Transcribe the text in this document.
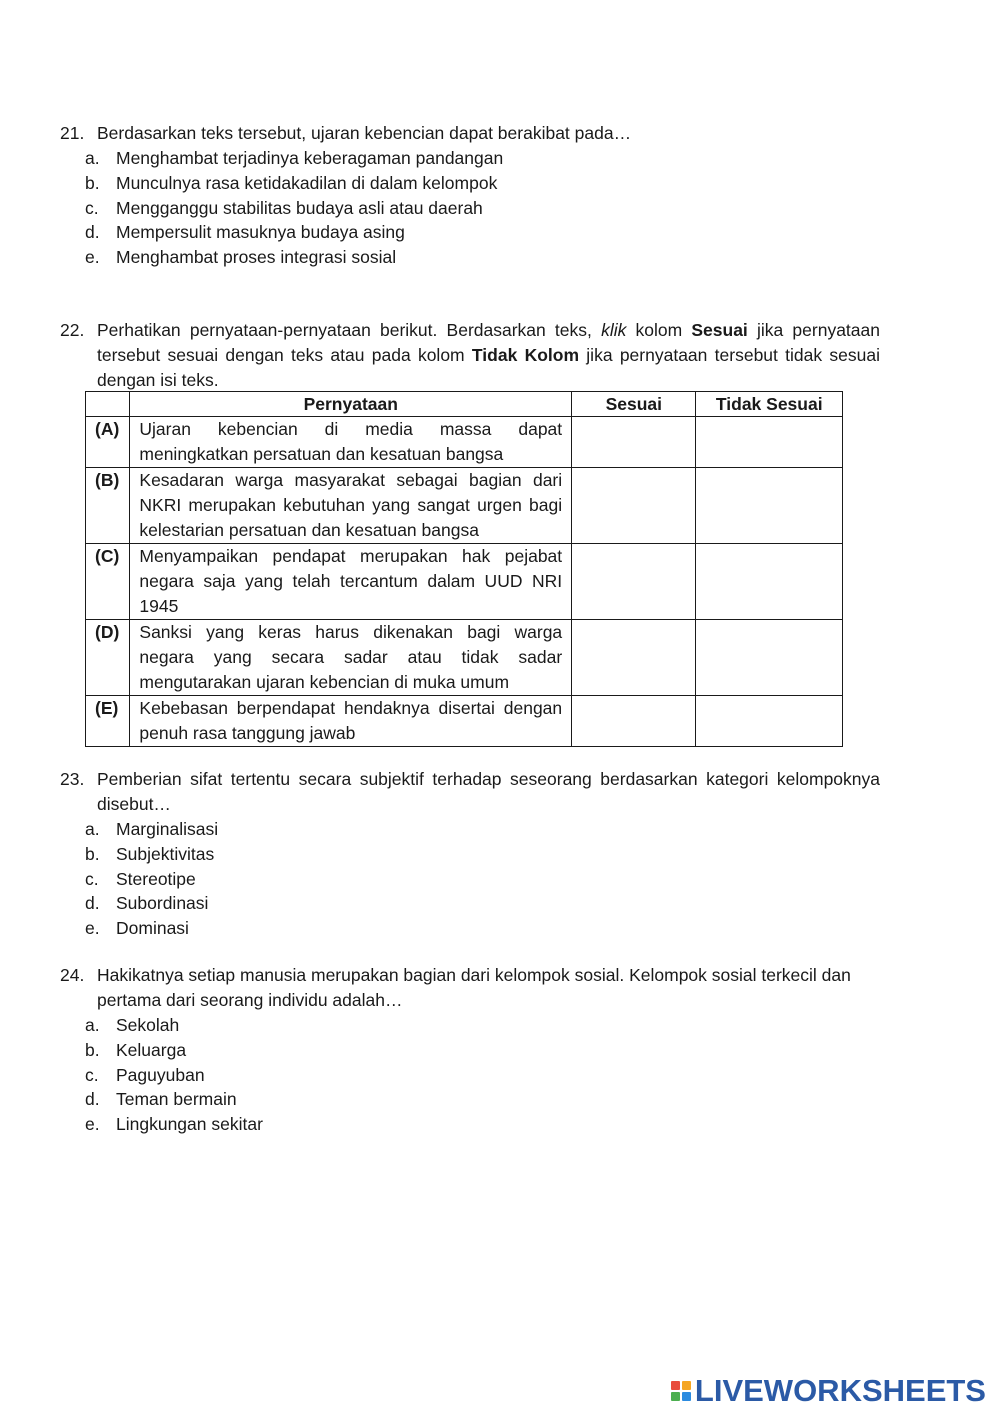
21. Berdasarkan teks tersebut, ujaran kebencian dapat berakibat pada…
a. Menghambat terjadinya keberagaman pandangan
b. Munculnya rasa ketidakadilan di dalam kelompok
c. Mengganggu stabilitas budaya asli atau daerah
d. Mempersulit masuknya budaya asing
e. Menghambat proses integrasi sosial
22. Perhatikan pernyataan-pernyataan berikut. Berdasarkan teks, klik kolom Sesuai jika pernyataan tersebut sesuai dengan teks atau pada kolom Tidak Kolom jika pernyataan tersebut tidak sesuai dengan isi teks.
	Pernyataan	Sesuai	Tidak Sesuai
(A)	Ujaran kebencian di media massa dapat meningkatkan persatuan dan kesatuan bangsa		
(B)	Kesadaran warga masyarakat sebagai bagian dari NKRI merupakan kebutuhan yang sangat urgen bagi kelestarian persatuan dan kesatuan bangsa		
(C)	Menyampaikan pendapat merupakan hak pejabat negara saja yang telah tercantum dalam UUD NRI 1945		
(D)	Sanksi yang keras harus dikenakan bagi warga negara yang secara sadar atau tidak sadar mengutarakan ujaran kebencian di muka umum		
(E)	Kebebasan berpendapat hendaknya disertai dengan penuh rasa tanggung jawab		
23. Pemberian sifat tertentu secara subjektif terhadap seseorang berdasarkan kategori kelompoknya disebut…
a. Marginalisasi
b. Subjektivitas
c. Stereotipe
d. Subordinasi
e. Dominasi
24. Hakikatnya setiap manusia merupakan bagian dari kelompok sosial. Kelompok sosial terkecil dan pertama dari seorang individu adalah…
a. Sekolah
b. Keluarga
c. Paguyuban
d. Teman bermain
e. Lingkungan sekitar
LIVEWORKSHEETS
